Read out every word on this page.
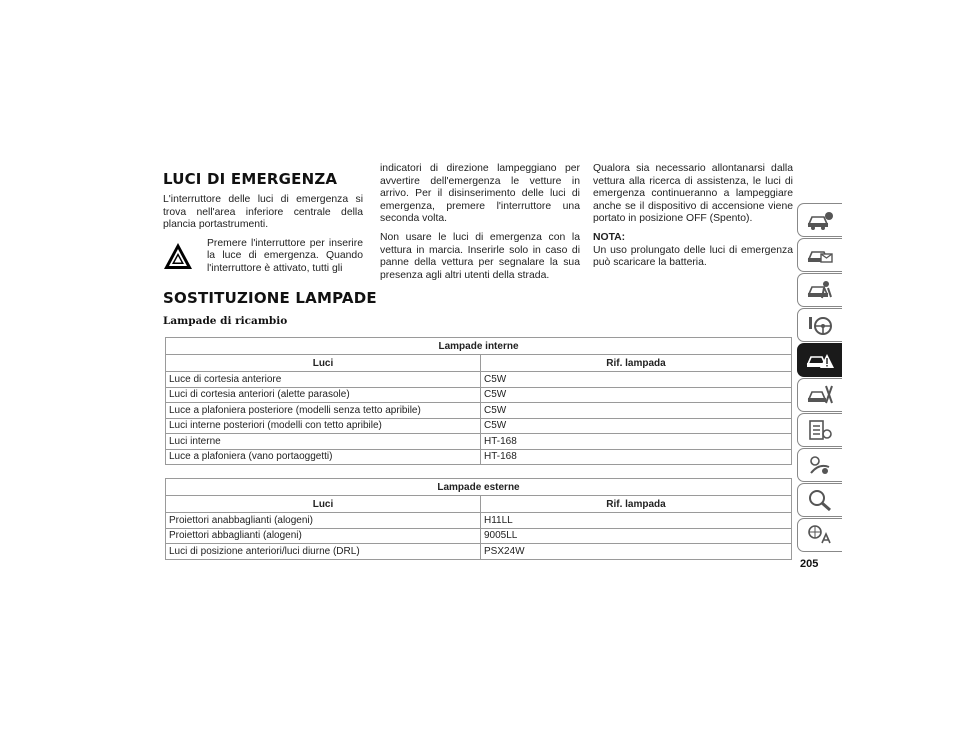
LUCI DI EMERGENZA

L'interruttore delle luci di emergenza si trova nell'area inferiore centrale della plancia portastrumenti.

Premere l'interruttore per inserire la luce di emergenza. Quando l'interruttore è attivato, tutti gli

indicatori di direzione lampeggiano per avvertire dell'emergenza le vetture in arrivo. Per il disinserimento delle luci di emergenza, premere l'interruttore una seconda volta.

Non usare le luci di emergenza con la vettura in marcia. Inserirle solo in caso di panne della vettura per segnalare la sua presenza agli altri utenti della strada.

Qualora sia necessario allontanarsi dalla vettura alla ricerca di assistenza, le luci di emergenza continueranno a lampeggiare anche se il dispositivo di accensione viene portato in posizione OFF (Spento).

NOTA:

Un uso prolungato delle luci di emergenza può scaricare la batteria.

SOSTITUZIONE LAMPADE
Lampade di ricambio
Lampade interne	
Luci	Rif. lampada
Luce di cortesia anteriore	C5W
Luci di cortesia anteriori (alette parasole)	C5W
Luce a plafoniera posteriore (modelli senza tetto apribile)	C5W
Luci interne posteriori (modelli con tetto apribile)	C5W
Luci interne	HT-168
Luce a plafoniera (vano portaoggetti)	HT-168
Lampade esterne	
Luci	Rif. lampada
Proiettori anabbaglianti (alogeni)	H11LL
Proiettori abbaglianti (alogeni)	9005LL
Luci di posizione anteriori/luci diurne (DRL)	PSX24W
205
